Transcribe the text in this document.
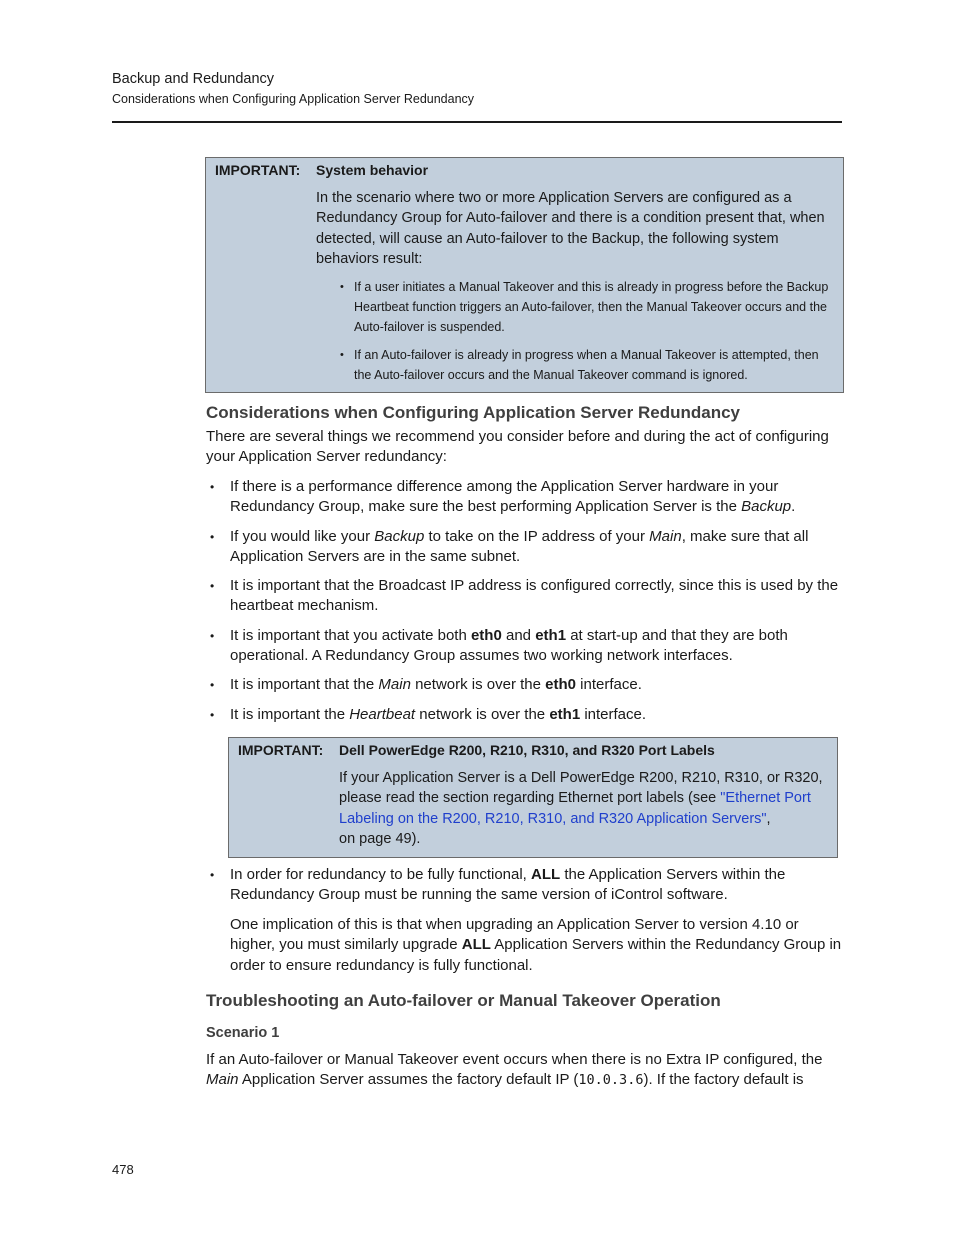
Backup and Redundancy
Considerations when Configuring Application Server Redundancy
IMPORTANT: System behavior

In the scenario where two or more Application Servers are configured as a Redundancy Group for Auto-failover and there is a condition present that, when detected, will cause an Auto-failover to the Backup, the following system behaviors result:

• If a user initiates a Manual Takeover and this is already in progress before the Backup Heartbeat function triggers an Auto-failover, then the Manual Takeover occurs and the Auto-failover is suspended.
• If an Auto-failover is already in progress when a Manual Takeover is attempted, then the Auto-failover occurs and the Manual Takeover command is ignored.
Considerations when Configuring Application Server Redundancy

There are several things we recommend you consider before and during the act of configuring your Application Server redundancy:

• If there is a performance difference among the Application Server hardware in your Redundancy Group, make sure the best performing Application Server is the Backup.
• If you would like your Backup to take on the IP address of your Main, make sure that all Application Servers are in the same subnet.
• It is important that the Broadcast IP address is configured correctly, since this is used by the heartbeat mechanism.
• It is important that you activate both eth0 and eth1 at start-up and that they are both operational. A Redundancy Group assumes two working network interfaces.
• It is important that the Main network is over the eth0 interface.
• It is important the Heartbeat network is over the eth1 interface.
IMPORTANT: Dell PowerEdge R200, R210, R310, and R320 Port Labels

If your Application Server is a Dell PowerEdge R200, R210, R310, or R320, please read the section regarding Ethernet port labels (see "Ethernet Port Labeling on the R200, R210, R310, and R320 Application Servers",
on page 49).

• In order for redundancy to be fully functional, ALL the Application Servers within the Redundancy Group must be running the same version of iControl software.

One implication of this is that when upgrading an Application Server to version 4.10 or higher, you must similarly upgrade ALL Application Servers within the Redundancy Group in order to ensure redundancy is fully functional.

Troubleshooting an Auto-failover or Manual Takeover Operation
Scenario 1

If an Auto-failover or Manual Takeover event occurs when there is no Extra IP configured, the Main Application Server assumes the factory default IP (10.0.3.6). If the factory default is

478
